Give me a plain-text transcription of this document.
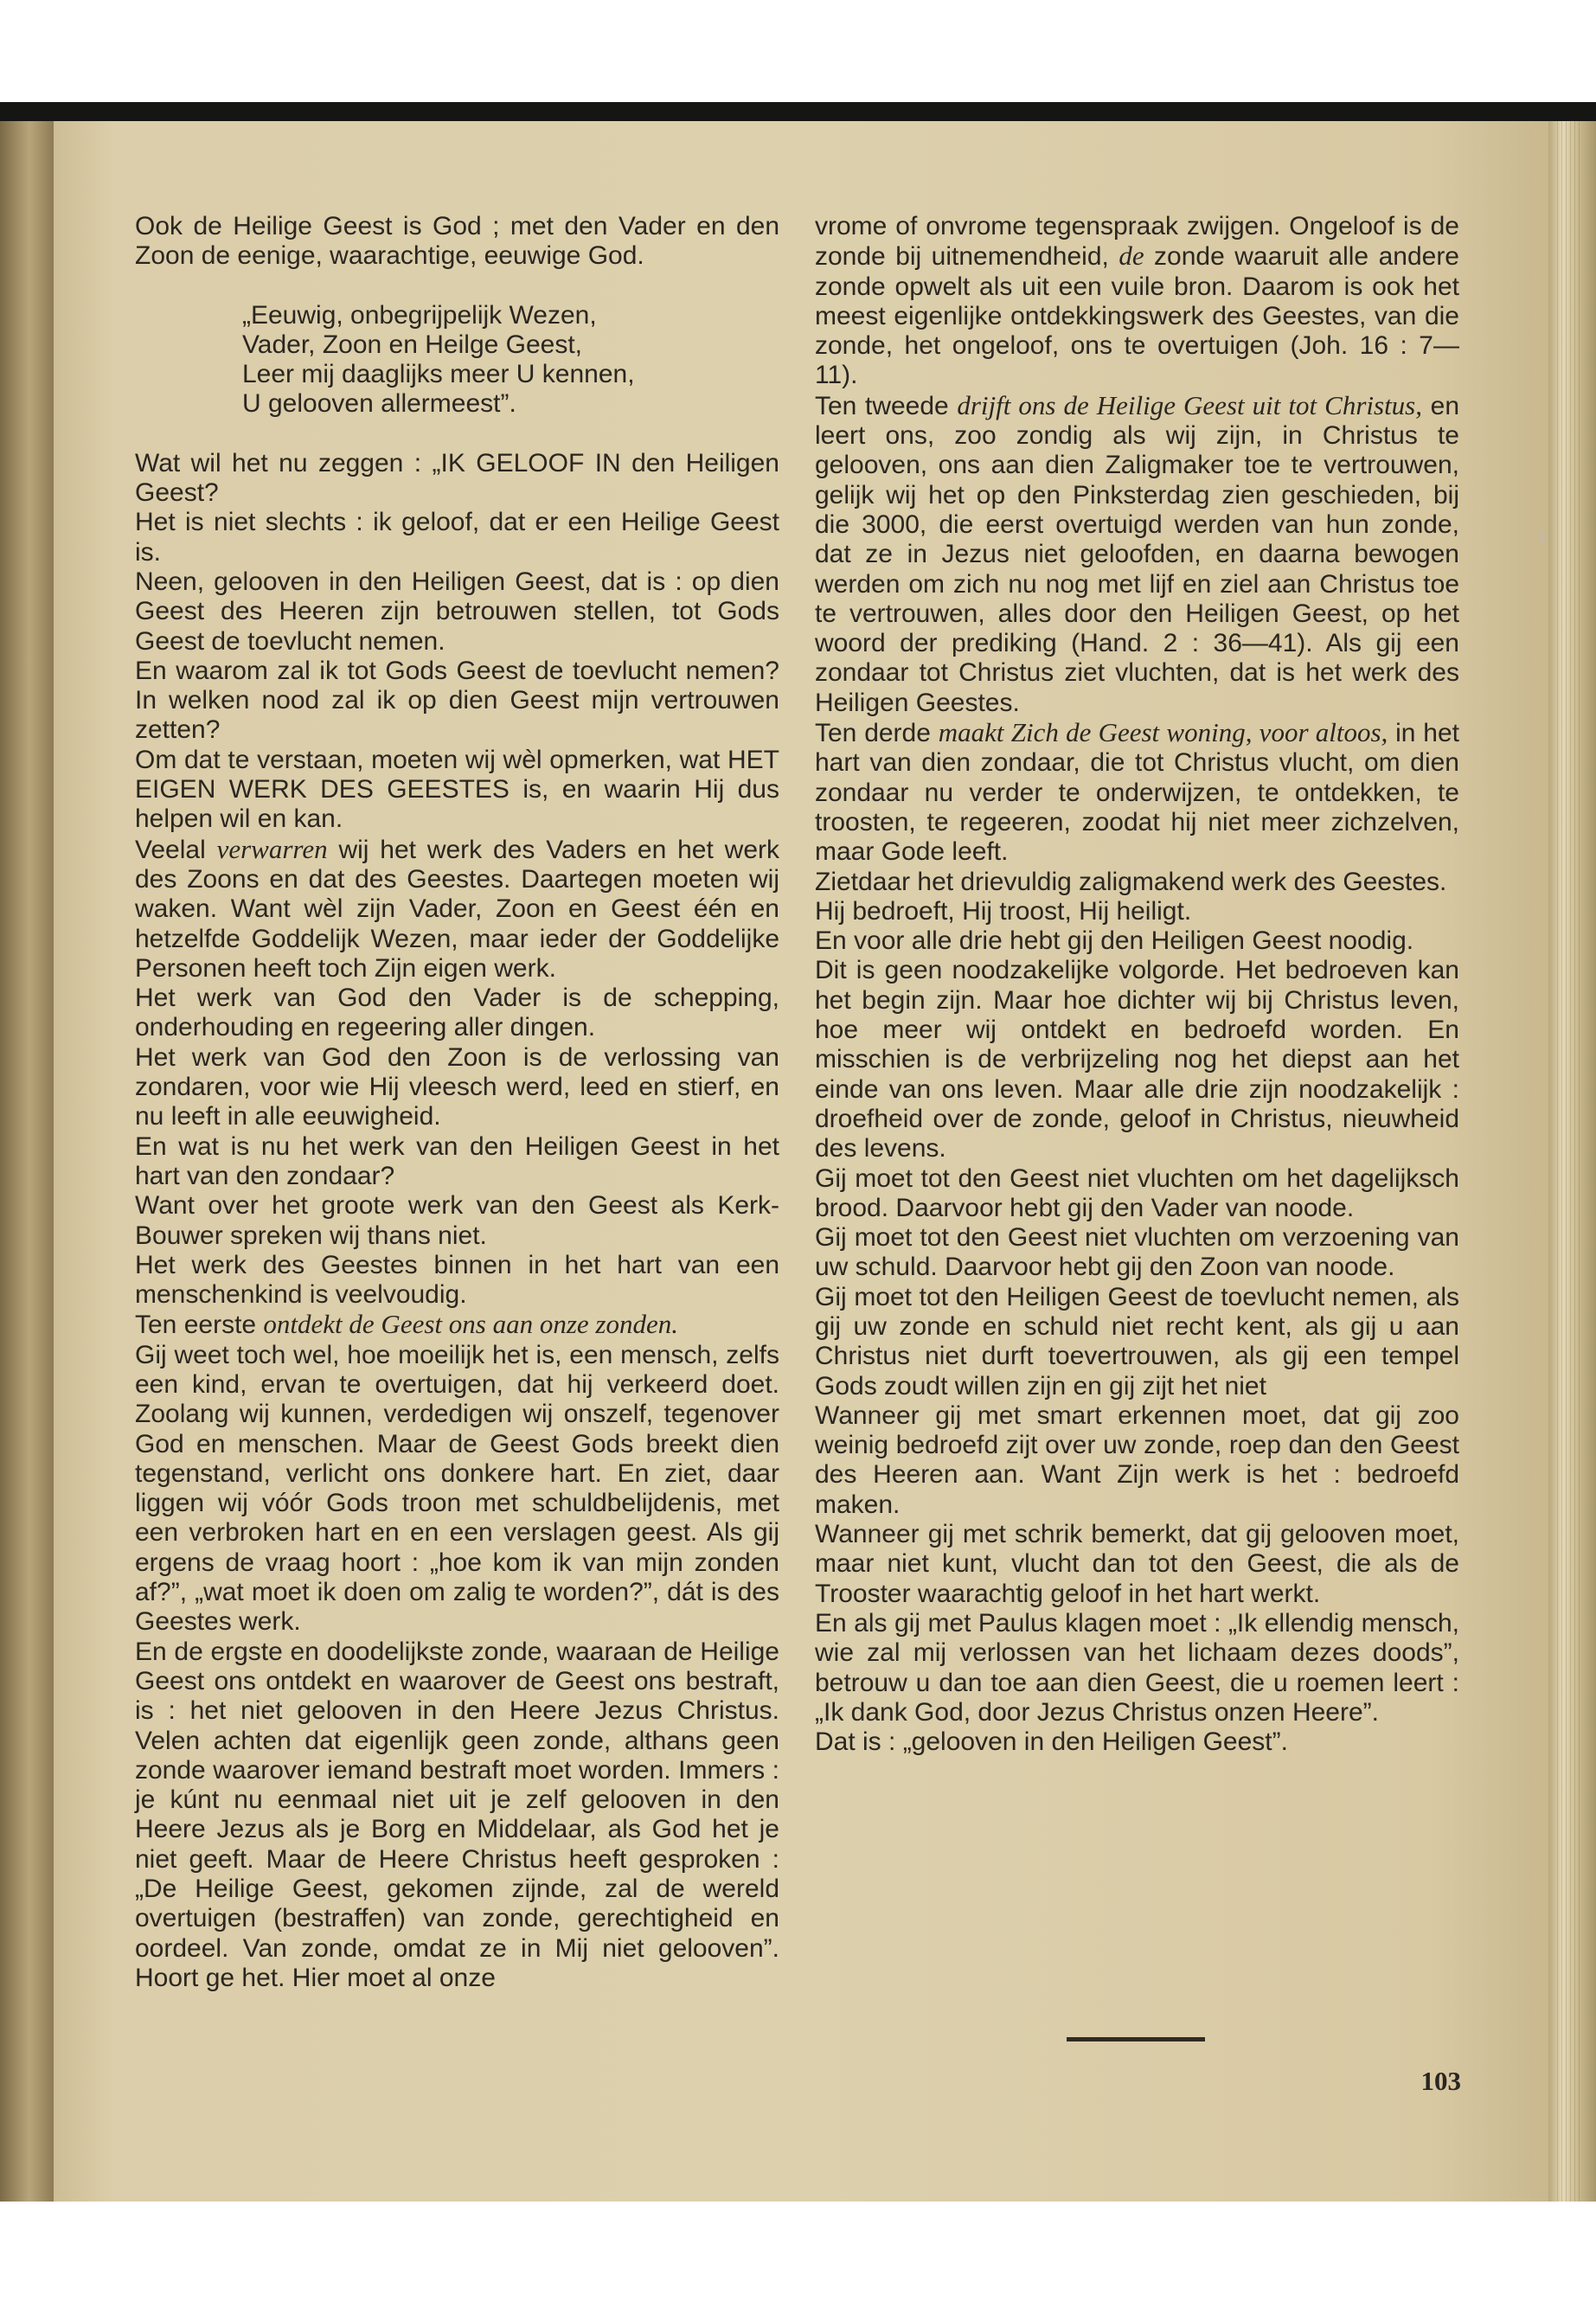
Ook de Heilige Geest is God ; met den Vader en den Zoon de eenige, waarachtige, eeuwige God.

„Eeuwig, onbegrijpelijk Wezen,
Vader, Zoon en Heilge Geest,
Leer mij daaglijks meer U kennen,
U gelooven allermeest”.

Wat wil het nu zeggen : „IK GELOOF IN den Heiligen Geest?

Het is niet slechts : ik geloof, dat er een Heilige Geest is.

Neen, gelooven in den Heiligen Geest, dat is : op dien Geest des Heeren zijn betrouwen stellen, tot Gods Geest de toevlucht nemen.

En waarom zal ik tot Gods Geest de toevlucht nemen? In welken nood zal ik op dien Geest mijn vertrouwen zetten?

Om dat te verstaan, moeten wij wèl opmerken, wat HET EIGEN WERK DES GEESTES is, en waarin Hij dus helpen wil en kan.

Veelal verwarren wij het werk des Vaders en het werk des Zoons en dat des Geestes. Daartegen moeten wij waken. Want wèl zijn Vader, Zoon en Geest één en hetzelfde Goddelijk Wezen, maar ieder der Goddelijke Personen heeft toch Zijn eigen werk.

Het werk van God den Vader is de schepping, onderhouding en regeering aller dingen.

Het werk van God den Zoon is de verlossing van zondaren, voor wie Hij vleesch werd, leed en stierf, en nu leeft in alle eeuwigheid.

En wat is nu het werk van den Heiligen Geest in het hart van den zondaar?

Want over het groote werk van den Geest als Kerk-Bouwer spreken wij thans niet.

Het werk des Geestes binnen in het hart van een menschenkind is veelvoudig.

Ten eerste ontdekt de Geest ons aan onze zonden.

Gij weet toch wel, hoe moeilijk het is, een mensch, zelfs een kind, ervan te overtuigen, dat hij verkeerd doet. Zoolang wij kunnen, verdedigen wij onszelf, tegenover God en menschen. Maar de Geest Gods breekt dien tegenstand, verlicht ons donkere hart. En ziet, daar liggen wij vóór Gods troon met schuldbelijdenis, met een verbroken hart en en een verslagen geest. Als gij ergens de vraag hoort : „hoe kom ik van mijn zonden af?”, „wat moet ik doen om zalig te worden?”, dát is des Geestes werk.

En de ergste en doodelijkste zonde, waaraan de Heilige Geest ons ontdekt en waarover de Geest ons bestraft, is : het niet gelooven in den Heere Jezus Christus. Velen achten dat eigenlijk geen zonde, althans geen zonde waarover iemand bestraft moet worden. Immers : je kúnt nu eenmaal niet uit je zelf gelooven in den Heere Jezus als je Borg en Middelaar, als God het je niet geeft. Maar de Heere Christus heeft gesproken : „De Heilige Geest, gekomen zijnde, zal de wereld overtuigen (bestraffen) van zonde, gerechtigheid en oordeel. Van zonde, omdat ze in Mij niet gelooven”. Hoort ge het. Hier moet al onze

vrome of onvrome tegenspraak zwijgen. Ongeloof is de zonde bij uitnemendheid, de zonde waaruit alle andere zonde opwelt als uit een vuile bron. Daarom is ook het meest eigenlijke ontdekkingswerk des Geestes, van die zonde, het ongeloof, ons te overtuigen (Joh. 16 : 7—11).

Ten tweede drijft ons de Heilige Geest uit tot Christus, en leert ons, zoo zondig als wij zijn, in Christus te gelooven, ons aan dien Zaligmaker toe te vertrouwen, gelijk wij het op den Pinksterdag zien geschieden, bij die 3000, die eerst overtuigd werden van hun zonde, dat ze in Jezus niet geloofden, en daarna bewogen werden om zich nu nog met lijf en ziel aan Christus toe te vertrouwen, alles door den Heiligen Geest, op het woord der prediking (Hand. 2 : 36—41). Als gij een zondaar tot Christus ziet vluchten, dat is het werk des Heiligen Geestes.

Ten derde maakt Zich de Geest woning, voor altoos, in het hart van dien zondaar, die tot Christus vlucht, om dien zondaar nu verder te onderwijzen, te ontdekken, te troosten, te regeeren, zoodat hij niet meer zichzelven, maar Gode leeft.

Zietdaar het drievuldig zaligmakend werk des Geestes.

Hij bedroeft, Hij troost, Hij heiligt.

En voor alle drie hebt gij den Heiligen Geest noodig.

Dit is geen noodzakelijke volgorde. Het bedroeven kan het begin zijn. Maar hoe dichter wij bij Christus leven, hoe meer wij ontdekt en bedroefd worden. En misschien is de verbrijzeling nog het diepst aan het einde van ons leven. Maar alle drie zijn noodzakelijk : droefheid over de zonde, geloof in Christus, nieuwheid des levens.

Gij moet tot den Geest niet vluchten om het dagelijksch brood. Daarvoor hebt gij den Vader van noode.

Gij moet tot den Geest niet vluchten om verzoening van uw schuld. Daarvoor hebt gij den Zoon van noode.

Gij moet tot den Heiligen Geest de toevlucht nemen, als gij uw zonde en schuld niet recht kent, als gij u aan Christus niet durft toevertrouwen, als gij een tempel Gods zoudt willen zijn en gij zijt het niet

Wanneer gij met smart erkennen moet, dat gij zoo weinig bedroefd zijt over uw zonde, roep dan den Geest des Heeren aan. Want Zijn werk is het : bedroefd maken.

Wanneer gij met schrik bemerkt, dat gij gelooven moet, maar niet kunt, vlucht dan tot den Geest, die als de Trooster waarachtig geloof in het hart werkt.

En als gij met Paulus klagen moet : „Ik ellendig mensch, wie zal mij verlossen van het lichaam dezes doods”, betrouw u dan toe aan dien Geest, die u roemen leert : „Ik dank God, door Jezus Christus onzen Heere”.

Dat is : „gelooven in den Heiligen Geest”.

103
